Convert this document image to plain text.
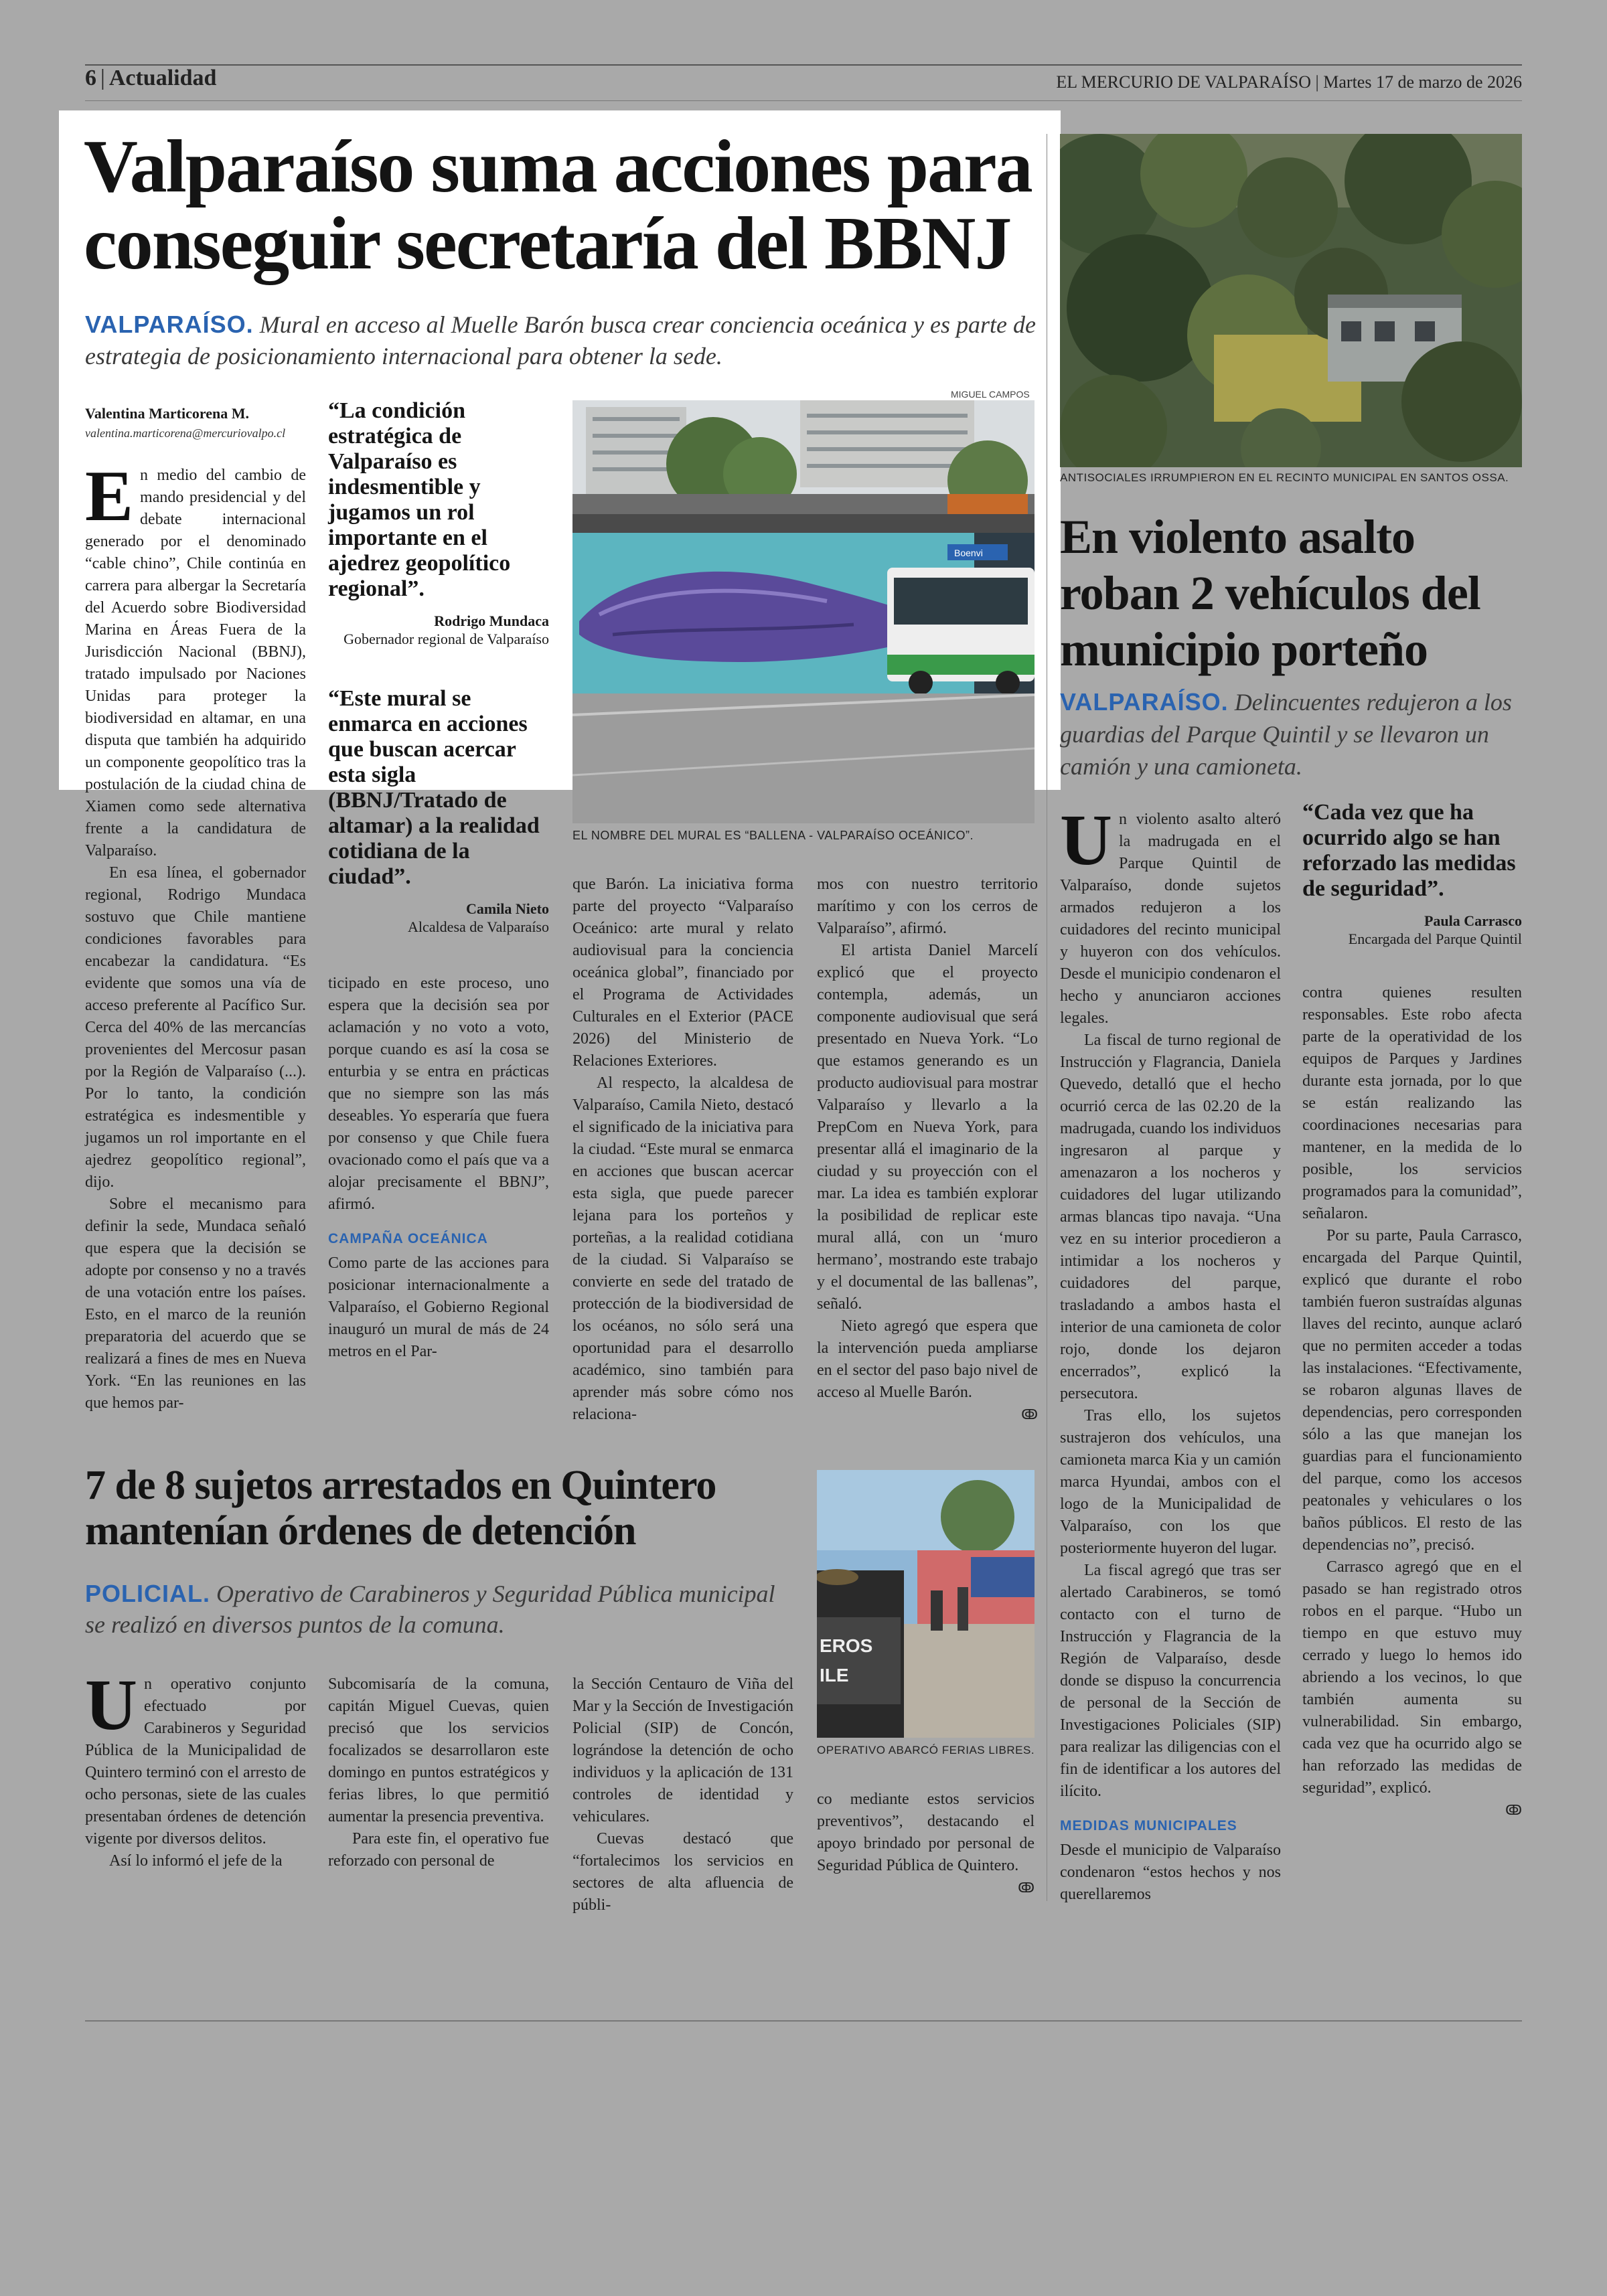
6 | Actualidad	EL MERCURIO DE VALPARAÍSO | Martes 17 de marzo de 2026
Valparaíso suma acciones para
conseguir secretaría del BBNJ
VALPARAÍSO. Mural en acceso al Muelle Barón busca crear conciencia oceánica y es parte de estrategia de posicionamiento internacional para obtener la sede.
Valentina Marticorena M.
valentina.marticorena@mercuriovalpo.cl
E n medio del cambio de mando presidencial y del debate internacional generado por el denominado “cable chino”, Chile continúa en carrera para albergar la Secretaría del Acuerdo sobre Biodiversidad Marina en Áreas Fuera de la Jurisdicción Nacional (BBNJ), tratado impulsado por Naciones Unidas para proteger la biodiversidad en altamar, en una disputa que también ha adquirido un componente geopolítico tras la postulación de la ciudad china de Xiamen como sede alternativa frente a la candidatura de Valparaíso.

En esa línea, el gobernador regional, Rodrigo Mundaca sostuvo que Chile mantiene condiciones favorables para encabezar la candidatura. “Es evidente que somos una vía de acceso preferente al Pacífico Sur. Cerca del 40% de las mercancías provenientes del Mercosur pasan por la Región de Valparaíso (...). Por lo tanto, la condición estratégica es indesmentible y jugamos un rol importante en el ajedrez geopolítico regional”, dijo.

Sobre el mecanismo para definir la sede, Mundaca señaló que espera que la decisión se adopte por consenso y no a través de una votación entre los países. Esto, en el marco de la reunión preparatoria del acuerdo que se realizará a fines de mes en Nueva York. “En las reuniones en las que hemos par-

“La condición estratégica de Valparaíso es indesmentible y jugamos un rol importante en el ajedrez geopolítico regional”.
Rodrigo Mundaca
Gobernador regional de Valparaíso
“Este mural se enmarca en acciones que buscan acercar esta sigla (BBNJ/Tratado de altamar) a la realidad cotidiana de la ciudad”.
Camila Nieto
Alcaldesa de Valparaíso

ticipado en este proceso, uno espera que la decisión sea por aclamación y no voto a voto, porque cuando es así la cosa se enturbia y se entra en prácticas que no siempre son las más deseables. Yo esperaría que fuera por consenso y que Chile fuera ovacionado como el país que va a alojar precisamente el BBNJ”, afirmó.

CAMPAÑA OCEÁNICA

Como parte de las acciones para posicionar internacionalmente a Valparaíso, el Gobierno Regional inauguró un mural de más de 24 metros en el Par-

MIGUEL CAMPOS
Boenvi
EL NOMBRE DEL MURAL ES “BALLENA - VALPARAÍSO OCEÁNICO”.

que Barón. La iniciativa forma parte del proyecto “Valparaíso Oceánico: arte mural y relato audiovisual para la conciencia oceánica global”, financiado por el Programa de Actividades Culturales en el Exterior (PACE 2026) del Ministerio de Relaciones Exteriores.

Al respecto, la alcaldesa de Valparaíso, Camila Nieto, destacó el significado de la iniciativa para la ciudad. “Este mural se enmarca en acciones que buscan acercar esta sigla, que puede parecer lejana para los porteños y porteñas, a la realidad cotidiana de la ciudad. Si Valparaíso se convierte en sede del tratado de protección de la biodiversidad de los océanos, no sólo será una oportunidad para el desarrollo académico, sino también para aprender más sobre cómo nos relaciona-

mos con nuestro territorio marítimo y con los cerros de Valparaíso”, afirmó.

El artista Daniel Marcelí explicó que el proyecto contempla, además, un componente audiovisual que será presentado en Nueva York. “Lo que estamos generando es un producto audiovisual para mostrar Valparaíso y llevarlo a la PrepCom en Nueva York, para presentar allá el imaginario de la ciudad y su proyección con el mar. La idea es también explorar la posibilidad de replicar este mural allá, con un ‘muro hermano’, mostrando este trabajo y el documental de las ballenas”, señaló.

Nieto agregó que espera que la intervención pueda ampliarse en el sector del paso bajo nivel de acceso al Muelle Barón.

ↂ
ANTISOCIALES IRRUMPIERON EN EL RECINTO MUNICIPAL EN SANTOS OSSA.
En violento asalto
roban 2 vehículos del
municipio porteño
VALPARAÍSO. Delincuentes redujeron a los guardias del Parque Quintil y se llevaron un camión y una camioneta.
U n violento asalto alteró la madrugada en el Parque Quintil de Valparaíso, donde sujetos armados redujeron a los cuidadores del recinto municipal y huyeron con dos vehículos. Desde el municipio condenaron el hecho y anunciaron acciones legales.

La fiscal de turno regional de Instrucción y Flagrancia, Daniela Quevedo, detalló que el hecho ocurrió cerca de las 02.20 de la madrugada, cuando los individuos ingresaron al parque y amenazaron a los nocheros y cuidadores del lugar utilizando armas blancas tipo navaja. “Una vez en su interior procedieron a intimidar a los nocheros y cuidadores del parque, trasladando a ambos hasta el interior de una camioneta de color rojo, donde los dejaron encerrados”, explicó la persecutora.

Tras ello, los sujetos sustrajeron dos vehículos, una camioneta marca Kia y un camión marca Hyundai, ambos con el logo de la Municipalidad de Valparaíso, con los que posteriormente huyeron del lugar.

La fiscal agregó que tras ser alertado Carabineros, se tomó contacto con el turno de Instrucción y Flagrancia de la Región de Valparaíso, desde donde se dispuso la concurrencia de personal de la Sección de Investigaciones Policiales (SIP) para realizar las diligencias con el fin de identificar a los autores del ilícito.

MEDIDAS MUNICIPALES

Desde el municipio de Valparaíso condenaron “estos hechos y nos querellaremos

“Cada vez que ha ocurrido algo se han reforzado las medidas de seguridad”.
Paula Carrasco
Encargada del Parque Quintil

contra quienes resulten responsables. Este robo afecta parte de la operatividad de los equipos de Parques y Jardines durante esta jornada, por lo que se están realizando las coordinaciones necesarias para mantener, en la medida de lo posible, los servicios programados para la comunidad”, señalaron.

Por su parte, Paula Carrasco, encargada del Parque Quintil, explicó que durante el robo también fueron sustraídas algunas llaves del recinto, aunque aclaró que no permiten acceder a todas las instalaciones. “Efectivamente, se robaron algunas llaves de dependencias, pero corresponden sólo a las que manejan los guardias para el funcionamiento del parque, como los accesos peatonales y vehiculares o los baños públicos. El resto de las dependencias no”, precisó.

Carrasco agregó que en el pasado se han registrado otros robos en el parque. “Hubo un tiempo en que estuvo muy cerrado y luego lo hemos ido abriendo a los vecinos, lo que también aumenta su vulnerabilidad. Sin embargo, cada vez que ha ocurrido algo se han reforzado las medidas de seguridad”, explicó.

ↂ
7 de 8 sujetos arrestados en Quintero
mantenían órdenes de detención
POLICIAL. Operativo de Carabineros y Seguridad Pública municipal se realizó en diversos puntos de la comuna.
EROS
ILE
OPERATIVO ABARCÓ FERIAS LIBRES.
U n operativo conjunto efectuado por Carabineros y Seguridad Pública de la Municipalidad de Quintero terminó con el arresto de ocho personas, siete de las cuales presentaban órdenes de detención vigente por diversos delitos.

Así lo informó el jefe de la

Subcomisaría de la comuna, capitán Miguel Cuevas, quien precisó que los servicios focalizados se desarrollaron este domingo en puntos estratégicos y ferias libres, lo que permitió aumentar la presencia preventiva.

Para este fin, el operativo fue reforzado con personal de

la Sección Centauro de Viña del Mar y la Sección de Investigación Policial (SIP) de Concón, lográndose la detención de ocho individuos y la aplicación de 131 controles de identidad y vehiculares.

Cuevas destacó que “fortalecimos los servicios en sectores de alta afluencia de públi-

co mediante estos servicios preventivos”, destacando el apoyo brindado por personal de Seguridad Pública de Quintero.

ↂ
